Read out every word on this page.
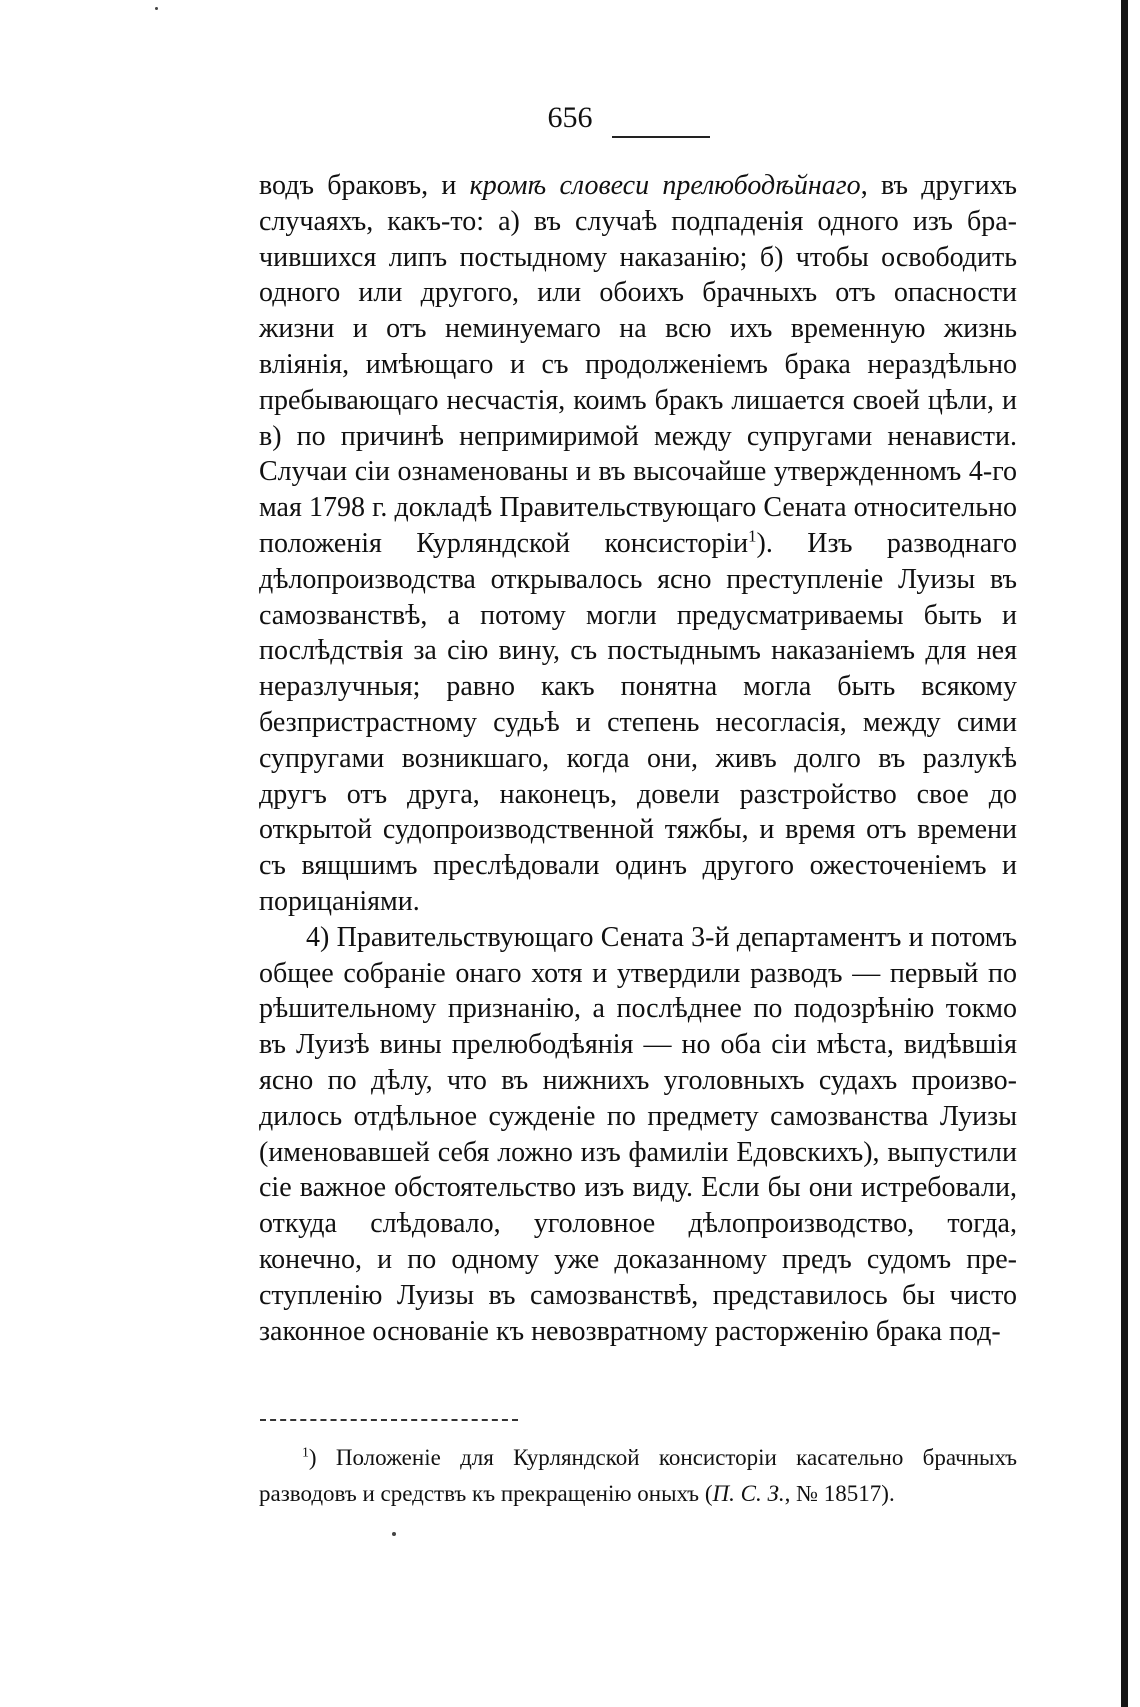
656

водъ браковъ, и кромѣ словеси прелюбодѣйнаго, въ другихъ случаяхъ, какъ-то: а) въ случаѣ подпаденія одного изъ брачившихся липъ постыдному наказанію; б) чтобы освободить одного или другого, или обоихъ брачныхъ отъ опасности жизни и отъ неминуемаго на всю ихъ временную жизнь вліянія, имѣющаго и съ продолженіемъ брака нераздѣльно пребывающаго несчастія, коимъ бракъ лишается своей цѣли, и в) по причинѣ непримиримой между супругами ненависти. Случаи сіи ознаменованы и въ высочайше утвержденномъ 4-го мая 1798 г. докладѣ Правительствующаго Сената относительно положенія Курляндской консисторіи$^1$). Изъ разводнаго дѣлопроизводства открывалось ясно преступленіе Луизы въ самозванствѣ, а потому могли предусматриваемы быть и послѣдствія за сію вину, съ постыднымъ наказаніемъ для нея неразлучныя; равно какъ понятна могла быть всякому безпристрастному судьѣ и степень несогласія, между сими супругами возникшаго, когда они, живъ долго въ разлукѣ другъ отъ друга, наконецъ, довели разстройство свое до открытой судопроизводственной тяжбы, и время отъ времени съ вящшимъ преслѣдовали одинъ другого ожесточеніемъ и порицаніями.

4) Правительствующаго Сената 3-й департаментъ и потомъ общее собраніе онаго хотя и утвердили разводъ — первый по рѣшительному признанію, а послѣднее по подозрѣнію токмо въ Луизѣ вины прелюбодѣянія — но оба сіи мѣста, видѣвшія ясно по дѣлу, что въ нижнихъ уголовныхъ судахъ производилось отдѣльное сужденіе по предмету самозванства Луизы (именовавшей себя ложно изъ фамиліи Едовскихъ), выпустили сіе важное обстоятельство изъ виду. Если бы они истребовали, откуда слѣдовало, уголовное дѣлопроизводство, тогда, конечно, и по одному уже доказанному предъ судомъ преступленію Луизы въ самозванствѣ, представилось бы чисто законное основаніе къ невозвратному расторженію брака под-

$^1$) Положеніе для Курляндской консисторіи касательно брачныхъ разводовъ и средствъ къ прекращенію оныхъ (П. С. З., № 18517).
